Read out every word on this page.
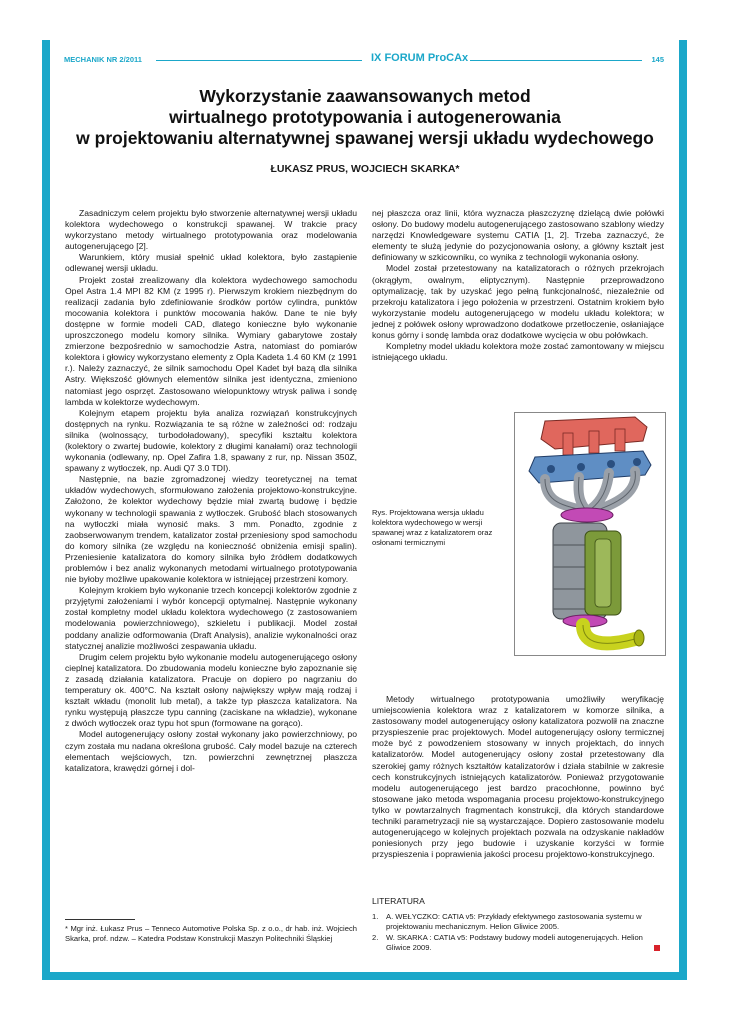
MECHANIK NR 2/2011	IX FORUM ProCAx	145
Wykorzystanie zaawansowanych metod
wirtualnego prototypowania i autogenerowania
w projektowaniu alternatywnej spawanej wersji układu wydechowego
ŁUKASZ PRUS, WOJCIECH SKARKA*

Zasadniczym celem projektu było stworzenie alternatywnej wersji układu kolektora wydechowego o konstrukcji spawanej. W trakcie pracy wykorzystano metody wirtualnego prototypowania oraz modelowania autogenerującego [2].

Warunkiem, który musiał spełnić układ kolektora, było zastąpienie odlewanej wersji układu.

Projekt został zrealizowany dla kolektora wydechowego samochodu Opel Astra 1.4 MPI 82 KM (z 1995 r). Pierwszym krokiem niezbędnym do realizacji zadania było zdefiniowanie środków portów cylindra, punktów mocowania kolektora i punktów mocowania haków. Dane te nie były dostępne w formie modeli CAD, dlatego konieczne było wykonanie uproszczonego modelu komory silnika. Wymiary gabarytowe zostały zmierzone bezpośrednio w samochodzie Astra, natomiast do pomiarów kolektora i głowicy wykorzystano elementy z Opla Kadeta 1.4 60 KM (z 1991 r.). Należy zaznaczyć, że silnik samochodu Opel Kadet był bazą dla silnika Astry. Większość głównych elementów silnika jest identyczna, zmieniono natomiast jego osprzęt. Zastosowano wielopunktowy wtrysk paliwa i sondę lambda w kolektorze wydechowym.

Kolejnym etapem projektu była analiza rozwiązań konstrukcyjnych dostępnych na rynku. Rozwiązania te są różne w zależności od: rodzaju silnika (wolnossący, turbodoładowany), specyfiki kształtu kolektora (kolektory o zwartej budowie, kolektory z długimi kanałami) oraz technologii wykonania (odlewany, np. Opel Zafira 1.8, spawany z rur, np. Nissan 350Z, spawany z wytłoczek, np. Audi Q7 3.0 TDI).

Następnie, na bazie zgromadzonej wiedzy teoretycznej na temat układów wydechowych, sformułowano założenia projektowo-konstrukcyjne. Założono, że kolektor wydechowy będzie miał zwartą budowę i będzie wykonany w technologii spawania z wytłoczek. Grubość blach stosowanych na wytłoczki miała wynosić maks. 3 mm. Ponadto, zgodnie z zaobserwowanym trendem, katalizator został przeniesiony spod samochodu do komory silnika (ze względu na konieczność obniżenia emisji spalin). Przeniesienie katalizatora do komory silnika było źródłem dodatkowych problemów i bez analiz wykonanych metodami wirtualnego prototypowania nie byłoby możliwe upakowanie kolektora w istniejącej przestrzeni komory.

Kolejnym krokiem było wykonanie trzech koncepcji kolektorów zgodnie z przyjętymi założeniami i wybór koncepcji optymalnej. Następnie wykonany został kompletny model układu kolektora wydechowego (z zastosowaniem modelowania powierzchniowego), szkieletu i publikacji. Model został poddany analizie odformowania (Draft Analysis), analizie wykonalności oraz statycznej analizie możliwości zespawania układu.

Drugim celem projektu było wykonanie modelu autogenerującego osłony cieplnej katalizatora. Do zbudowania modelu konieczne było zapoznanie się z zasadą działania katalizatora. Pracuje on dopiero po nagrzaniu do temperatury ok. 400°C. Na kształt osłony największy wpływ mają rodzaj i kształt wkładu (monolit lub metal), a także typ płaszcza katalizatora. Na rynku występują płaszcze typu canning (zaciskane na wkładzie), wykonane z dwóch wytłoczek oraz typu hot spun (formowane na gorąco).

Model autogenerujący osłony został wykonany jako powierzchniowy, po czym została mu nadana określona grubość. Cały model bazuje na czterech elementach wejściowych, tzn. powierzchni zewnętrznej płaszcza katalizatora, krawędzi górnej i dol-

* Mgr inż. Łukasz Prus – Tenneco Automotive Polska Sp. z o.o., dr hab. inż. Wojciech Skarka, prof. ndzw. – Katedra Podstaw Konstrukcji Maszyn Politechniki Śląskiej

nej płaszcza oraz linii, która wyznacza płaszczyznę dzielącą dwie połówki osłony. Do budowy modelu autogenerującego zastosowano szablony wiedzy narzędzi Knowledgeware systemu CATIA [1, 2]. Trzeba zaznaczyć, że elementy te służą jedynie do pozycjonowania osłony, a główny kształt jest definiowany w szkicowniku, co wynika z technologii wykonania osłony.

Model został przetestowany na katalizatorach o różnych przekrojach (okrągłym, owalnym, eliptycznym). Następnie przeprowadzono optymalizację, tak by uzyskać jego pełną funkcjonalność, niezależnie od przekroju katalizatora i jego położenia w przestrzeni. Ostatnim krokiem było wykorzystanie modelu autogenerującego w modelu układu kolektora; w jednej z połówek osłony wprowadzono dodatkowe przetłoczenie, osłaniające konus górny i sondę lambda oraz dodatkowe wycięcia w obu połówkach.

Kompletny model układu kolektora może zostać zamontowany w miejscu istniejącego układu.

Rys. Projektowana wersja układu kolektora wydechowego w wersji spawanej wraz z katalizatorem oraz osłonami termicznymi

Metody wirtualnego prototypowania umożliwiły weryfikację umiejscowienia kolektora wraz z katalizatorem w komorze silnika, a zastosowany model autogenerujący osłony katalizatora pozwolił na znaczne przyspieszenie prac projektowych. Model autogenerujący osłony termicznej może być z powodzeniem stosowany w innych projektach, do innych katalizatorów. Model autogenerujący osłony został przetestowany dla szerokiej gamy różnych kształtów katalizatorów i działa stabilnie w zakresie cech konstrukcyjnych istniejących katalizatorów. Ponieważ przygotowanie modelu autogenerującego jest bardzo pracochłonne, powinno być stosowane jako metoda wspomagania procesu projektowo-konstrukcyjnego tylko w powtarzalnych fragmentach konstrukcji, dla których standardowe techniki parametryzacji nie są wystarczające. Dopiero zastosowanie modelu autogenerującego w kolejnych projektach pozwala na odzyskanie nakładów poniesionych przy jego budowie i uzyskanie korzyści w formie przyspieszenia i poprawienia jakości procesu projektowo-konstrukcyjnego.

LITERATURA
1.	A. WEŁYCZKO: CATIA v5: Przykłady efektywnego zastosowania systemu w projektowaniu mechanicznym. Helion Gliwice 2005.
2.	W. SKARKA : CATIA v5: Podstawy budowy modeli autogenerujących. Helion Gliwice 2009.
